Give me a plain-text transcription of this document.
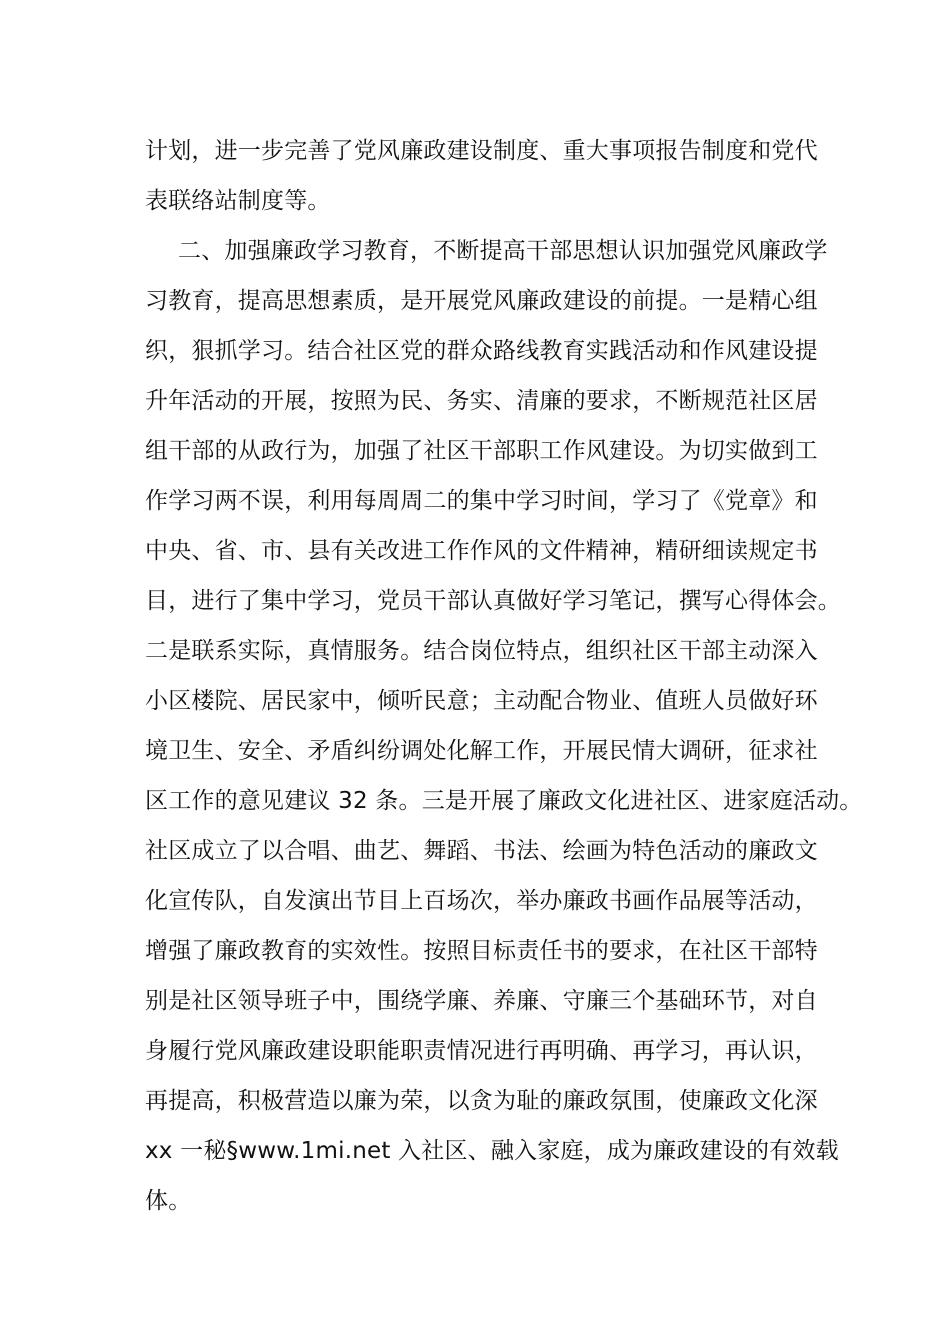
计划，进一步完善了党风廉政建设制度、重大事项报告制度和党代
表联络站制度等。
二、加强廉政学习教育，不断提高干部思想认识加强党风廉政学
习教育，提高思想素质，是开展党风廉政建设的前提。一是精心组
织，狠抓学习。结合社区党的群众路线教育实践活动和作风建设提
升年活动的开展，按照为民、务实、清廉的要求，不断规范社区居
组干部的从政行为，加强了社区干部职工作风建设。为切实做到工
作学习两不误，利用每周周二的集中学习时间，学习了《党章》和
中央、省、市、县有关改进工作作风的文件精神，精研细读规定书
目，进行了集中学习，党员干部认真做好学习笔记，撰写心得体会。
二是联系实际，真情服务。结合岗位特点，组织社区干部主动深入
小区楼院、居民家中，倾听民意；主动配合物业、值班人员做好环
境卫生、安全、矛盾纠纷调处化解工作，开展民情大调研，征求社
区工作的意见建议 32 条。三是开展了廉政文化进社区、进家庭活动。
社区成立了以合唱、曲艺、舞蹈、书法、绘画为特色活动的廉政文
化宣传队，自发演出节目上百场次，举办廉政书画作品展等活动，
增强了廉政教育的实效性。按照目标责任书的要求，在社区干部特
别是社区领导班子中，围绕学廉、养廉、守廉三个基础环节，对自
身履行党风廉政建设职能职责情况进行再明确、再学习，再认识，
再提高，积极营造以廉为荣，以贪为耻的廉政氛围，使廉政文化深
xx 一秘§www.1mi.net 入社区、融入家庭，成为廉政建设的有效载
体。
